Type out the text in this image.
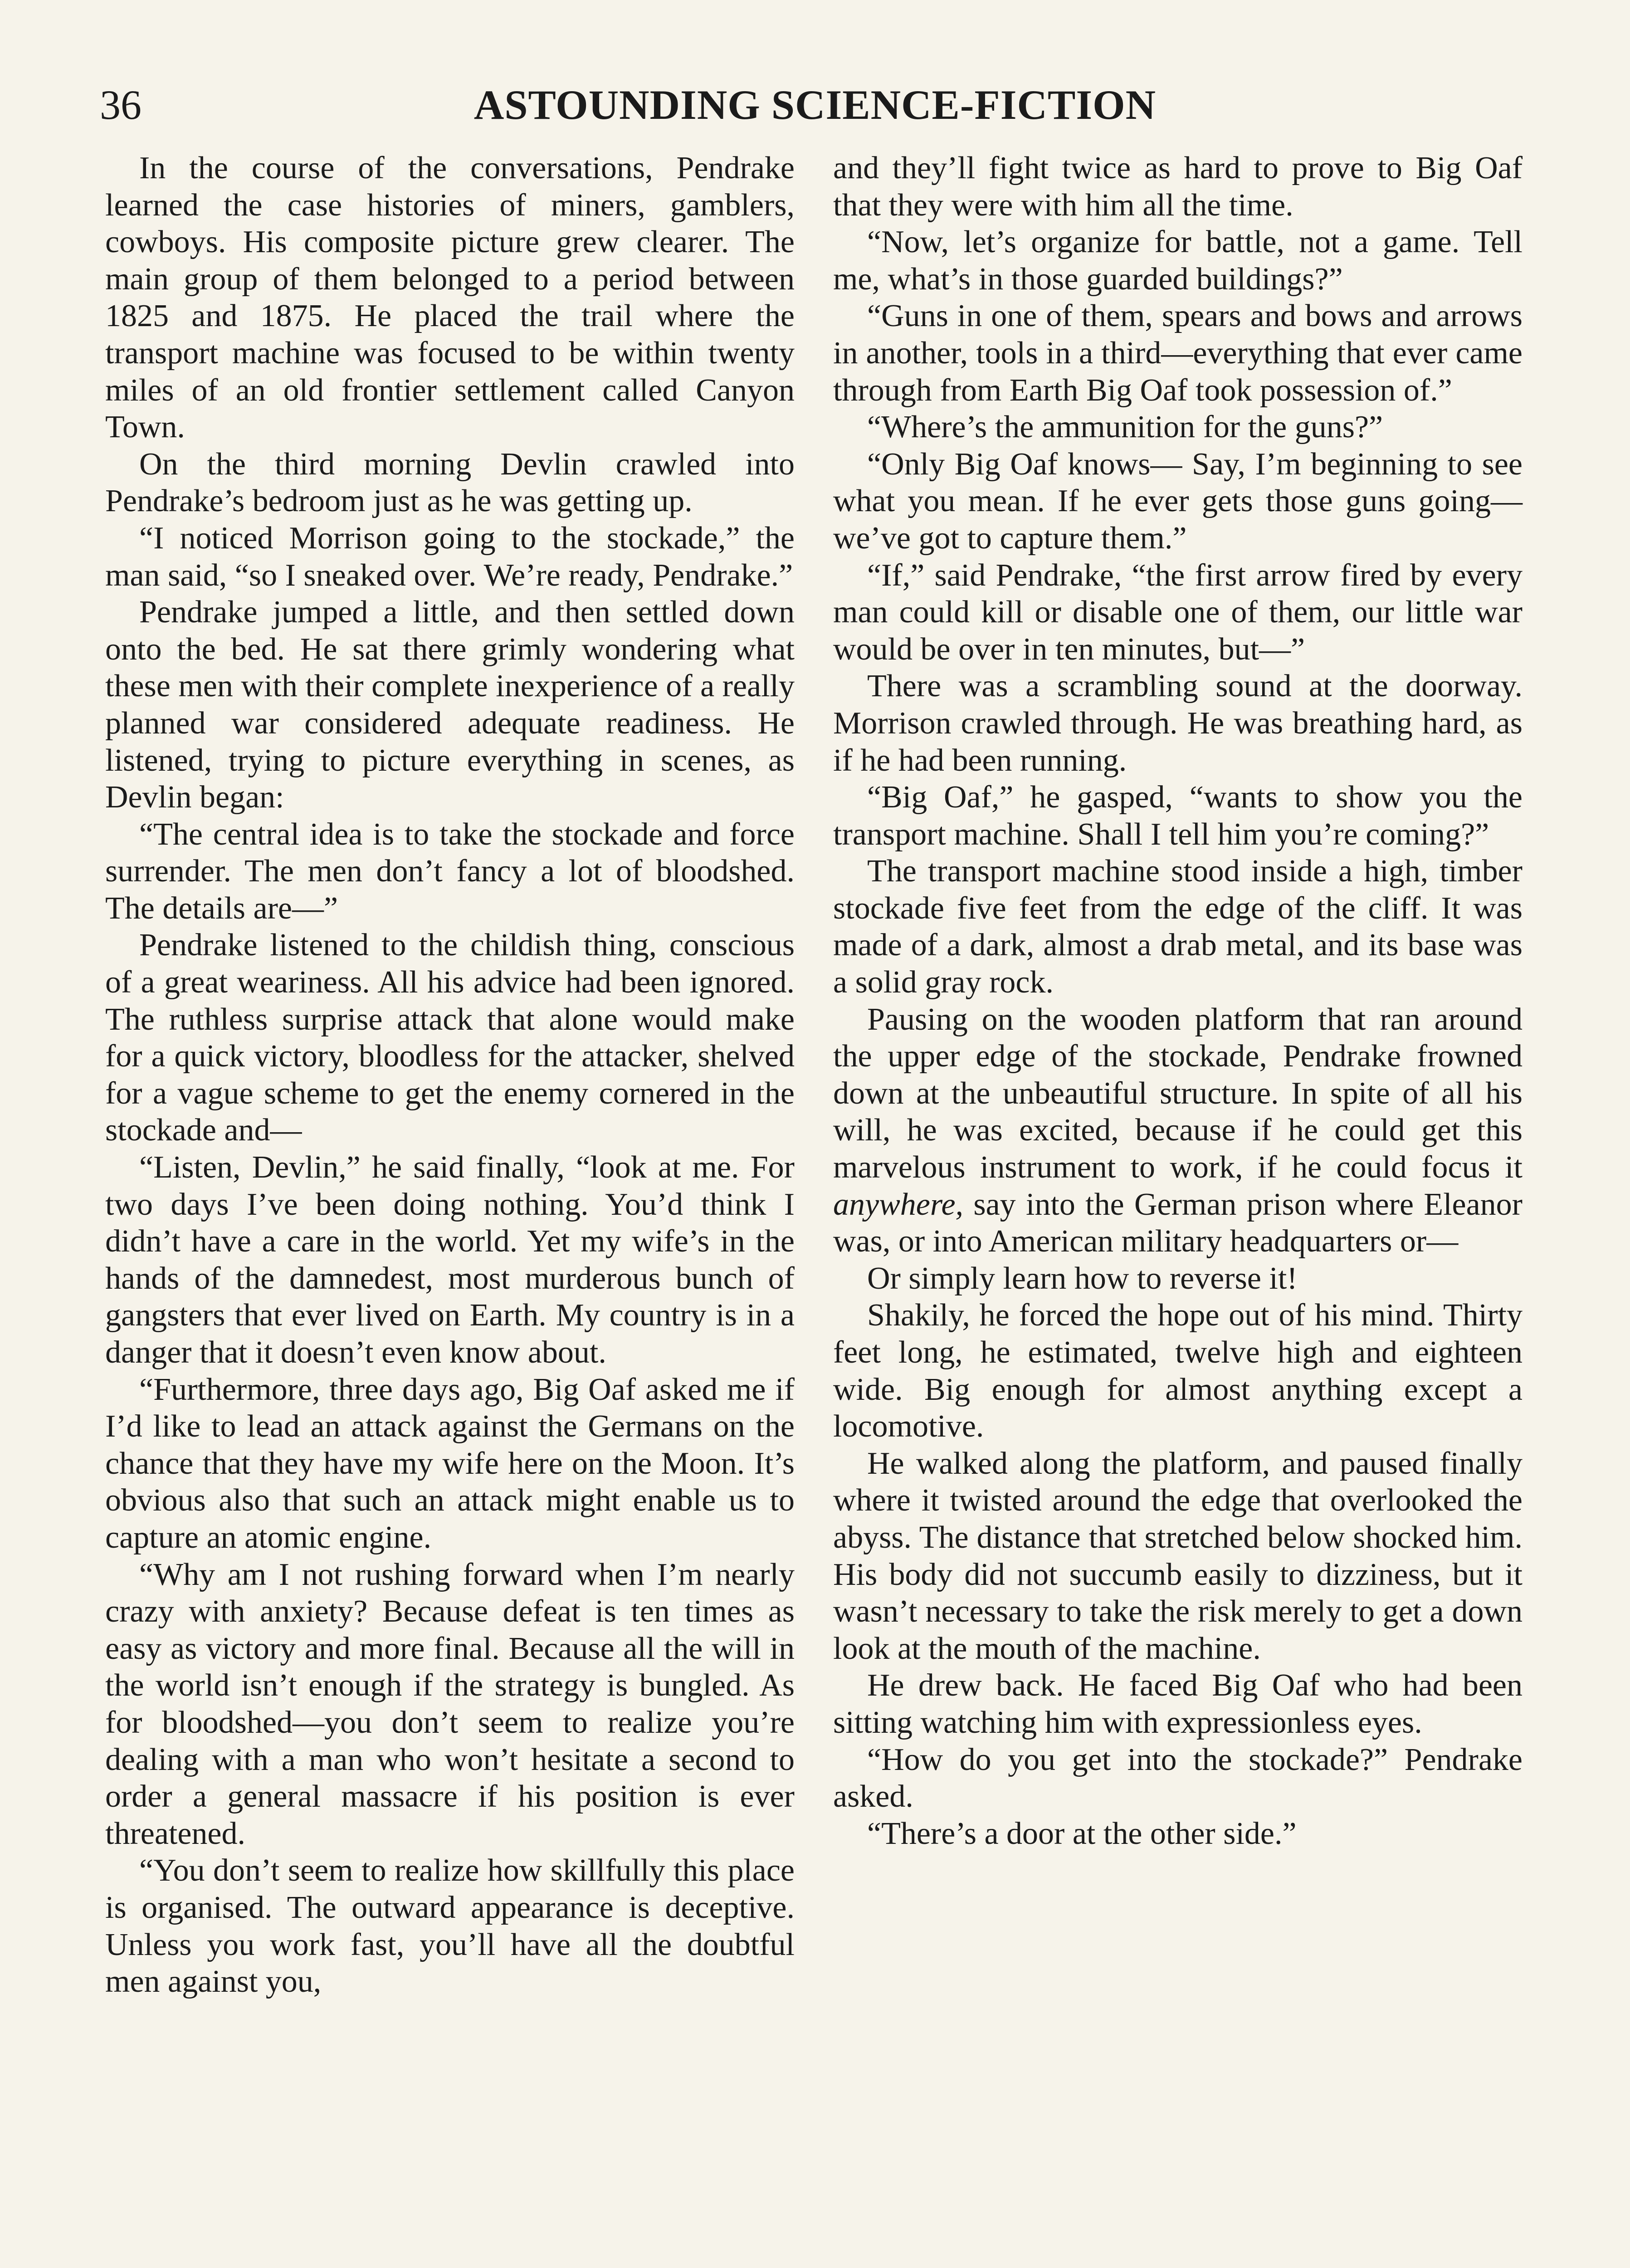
36	ASTOUNDING SCIENCE-FICTION

In the course of the conversations, Pendrake learned the case histories of miners, gamblers, cowboys. His composite picture grew clearer. The main group of them belonged to a period between 1825 and 1875. He placed the trail where the transport machine was focused to be within twenty miles of an old frontier settlement called Canyon Town.

On the third morning Devlin crawled into Pendrake’s bedroom just as he was getting up.

“I noticed Morrison going to the stockade,” the man said, “so I sneaked over. We’re ready, Pendrake.”

Pendrake jumped a little, and then settled down onto the bed. He sat there grimly wondering what these men with their complete inexperience of a really planned war considered adequate readiness. He listened, trying to picture everything in scenes, as Devlin began:

“The central idea is to take the stockade and force surrender. The men don’t fancy a lot of bloodshed. The details are—”

Pendrake listened to the childish thing, conscious of a great weariness. All his advice had been ignored. The ruthless surprise attack that alone would make for a quick victory, bloodless for the attacker, shelved for a vague scheme to get the enemy cornered in the stockade and—

“Listen, Devlin,” he said finally, “look at me. For two days I’ve been doing nothing. You’d think I didn’t have a care in the world. Yet my wife’s in the hands of the damnedest, most murderous bunch of gangsters that ever lived on Earth. My country is in a danger that it doesn’t even know about.

“Furthermore, three days ago, Big Oaf asked me if I’d like to lead an attack against the Germans on the chance that they have my wife here on the Moon. It’s obvious also that such an attack might enable us to capture an atomic engine.

“Why am I not rushing forward when I’m nearly crazy with anxiety? Because defeat is ten times as easy as victory and more final. Because all the will in the world isn’t enough if the strategy is bungled. As for bloodshed—you don’t seem to realize you’re dealing with a man who won’t hesitate a second to order a general massacre if his position is ever threatened.

“You don’t seem to realize how skillfully this place is organised. The outward appearance is deceptive. Unless you work fast, you’ll have all the doubtful men against you,

and they’ll fight twice as hard to prove to Big Oaf that they were with him all the time.

“Now, let’s organize for battle, not a game. Tell me, what’s in those guarded buildings?”

“Guns in one of them, spears and bows and arrows in another, tools in a third—everything that ever came through from Earth Big Oaf took possession of.”

“Where’s the ammunition for the guns?”

“Only Big Oaf knows— Say, I’m beginning to see what you mean. If he ever gets those guns going—we’ve got to capture them.”

“If,” said Pendrake, “the first arrow fired by every man could kill or disable one of them, our little war would be over in ten minutes, but—”

There was a scrambling sound at the doorway. Morrison crawled through. He was breathing hard, as if he had been running.

“Big Oaf,” he gasped, “wants to show you the transport machine. Shall I tell him you’re coming?”

The transport machine stood inside a high, timber stockade five feet from the edge of the cliff. It was made of a dark, almost a drab metal, and its base was a solid gray rock.

Pausing on the wooden platform that ran around the upper edge of the stockade, Pendrake frowned down at the unbeautiful structure. In spite of all his will, he was excited, because if he could get this marvelous instrument to work, if he could focus it anywhere, say into the German prison where Eleanor was, or into American military headquarters or—

Or simply learn how to reverse it!

Shakily, he forced the hope out of his mind. Thirty feet long, he estimated, twelve high and eighteen wide. Big enough for almost anything except a locomotive.

He walked along the platform, and paused finally where it twisted around the edge that overlooked the abyss. The distance that stretched below shocked him. His body did not succumb easily to dizziness, but it wasn’t necessary to take the risk merely to get a down look at the mouth of the machine.

He drew back. He faced Big Oaf who had been sitting watching him with expressionless eyes.

“How do you get into the stockade?” Pendrake asked.

“There’s a door at the other side.”
